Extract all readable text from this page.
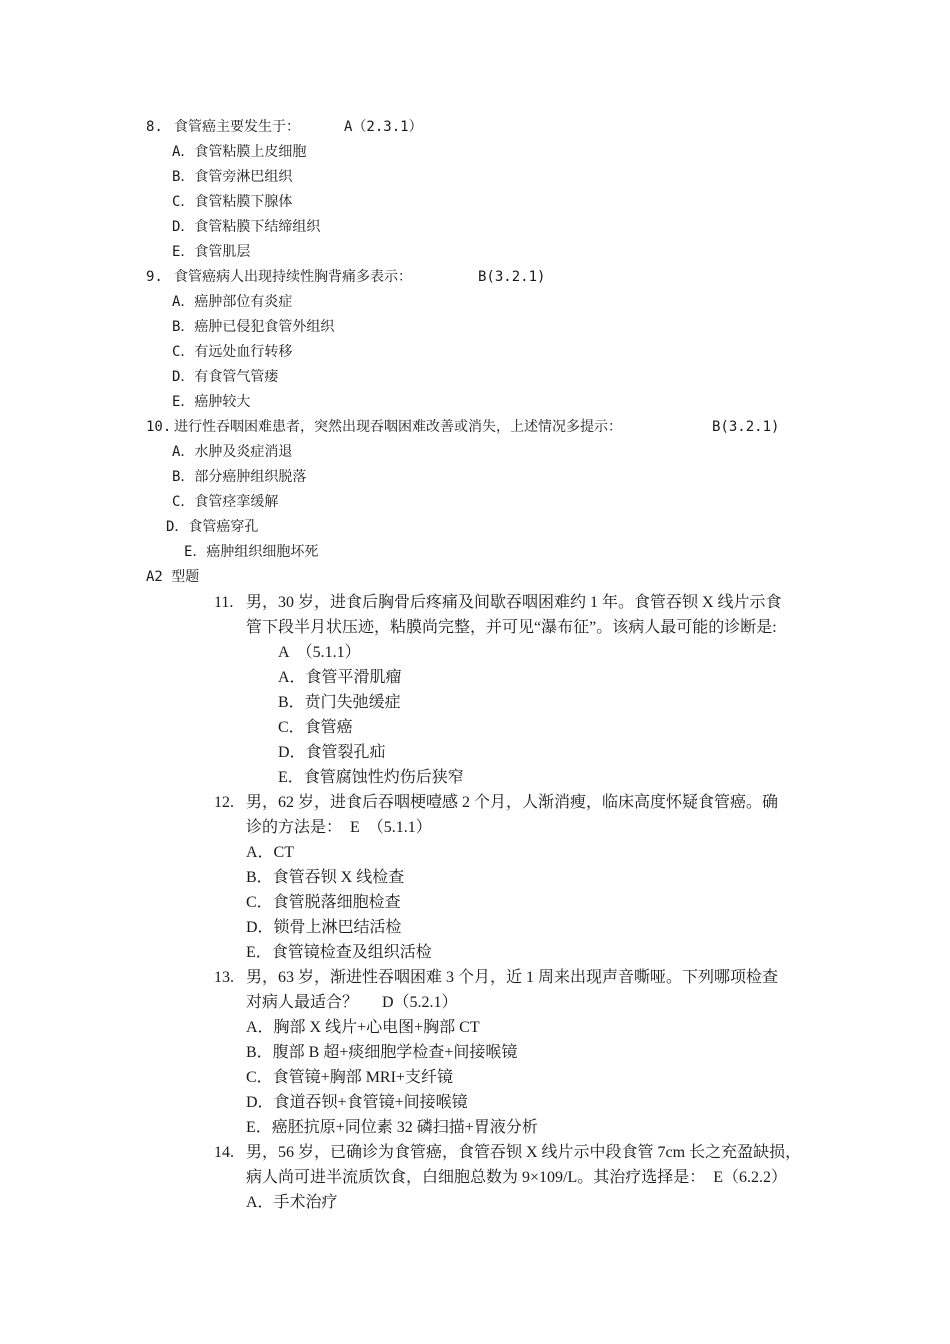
8. 食管癌主要发生于：	A（2.3.1）
A．食管粘膜上皮细胞
B．食管旁淋巴组织
C．食管粘膜下腺体
D．食管粘膜下结缔组织
E．食管肌层
9. 食管癌病人出现持续性胸背痛多表示：	B(3.2.1)
A．癌肿部位有炎症
B．癌肿已侵犯食管外组织
C．有远处血行转移
D．有食管气管瘘
E．癌肿较大
10. 进行性吞咽困难患者，突然出现吞咽困难改善或消失，上述情况多提示：	B(3.2.1)
A．水肿及炎症消退
B．部分癌肿组织脱落
C．食管痉挛缓解
D．食管癌穿孔
E．癌肿组织细胞坏死
A2 型题
11. 男，30 岁，进食后胸骨后疼痛及间歇吞咽困难约 1 年。食管吞钡 X 线片示食
管下段半月状压迹，粘膜尚完整，并可见“瀑布征”。该病人最可能的诊断是:
A　（5.1.1）
A．食管平滑肌瘤
B．贲门失弛缓症
C．食管癌
D．食管裂孔疝
E．食管腐蚀性灼伤后狭窄
12. 男，62 岁，进食后吞咽梗噎感 2 个月，人渐消瘦，临床高度怀疑食管癌。确
诊的方法是：  E　（5.1.1）
A．CT
B．食管吞钡 X 线检查
C．食管脱落细胞检查
D．锁骨上淋巴结活检
E．食管镜检查及组织活检
13. 男，63 岁，渐进性吞咽困难 3 个月，近 1 周来出现声音嘶哑。下列哪项检查
对病人最适合？　  D（5.2.1）
A．胸部 X 线片+心电图+胸部 CT
B．腹部 B 超+痰细胞学检查+间接喉镜
C．食管镜+胸部 MRI+支纤镜
D．食道吞钡+食管镜+间接喉镜
E．癌胚抗原+同位素 32 磷扫描+胃液分析
14. 男，56 岁，已确诊为食管癌，食管吞钡 X 线片示中段食管 7cm 长之充盈缺损，
病人尚可进半流质饮食，白细胞总数为 9×109/L。其治疗选择是：  E（6.2.2）
A．手术治疗
